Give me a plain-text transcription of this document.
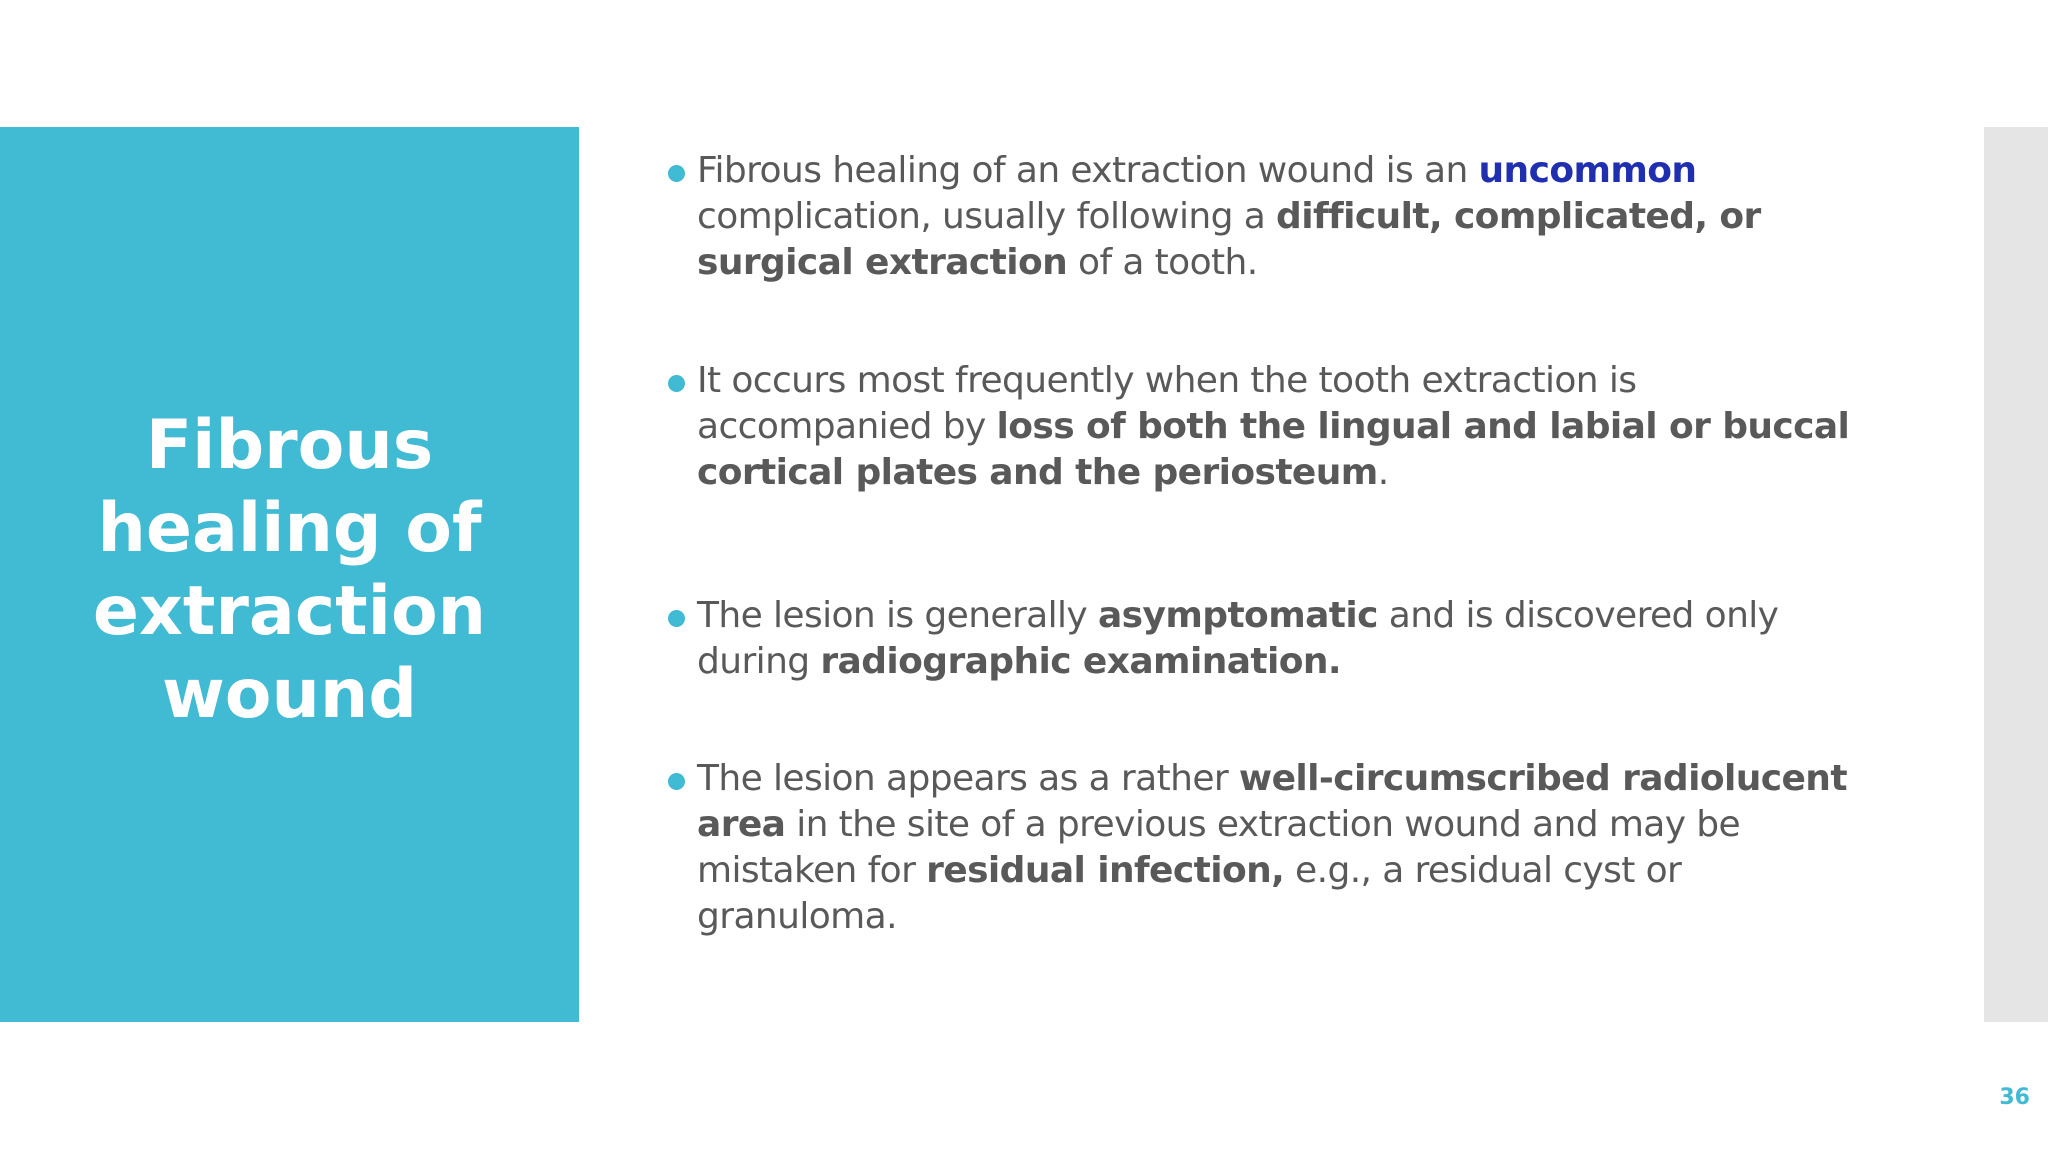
Fibrous healing of extraction wound
Fibrous healing of an extraction wound is an uncommon complication, usually following a difficult, complicated, or surgical extraction of a tooth.
It occurs most frequently when the tooth extraction is accompanied by loss of both the lingual and labial or buccal cortical plates and the periosteum.
The lesion is generally asymptomatic and is discovered only during radiographic examination.
The lesion appears as a rather well-circumscribed radiolucent area in the site of a previous extraction wound and may be mistaken for residual infection, e.g., a residual cyst or granuloma.
36
